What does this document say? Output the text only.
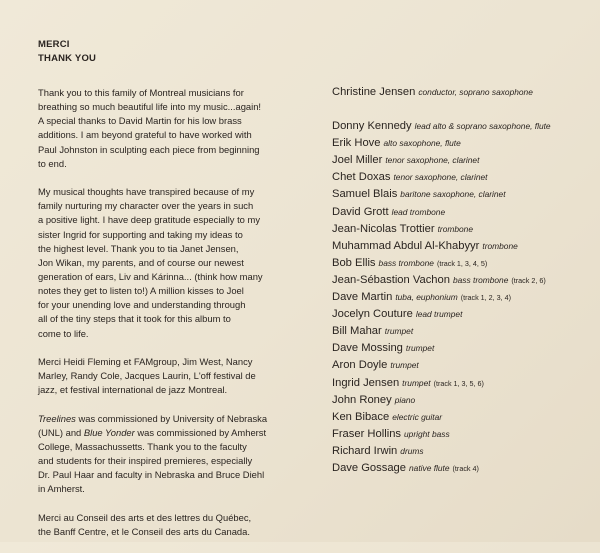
MERCI
THANK YOU

Thank you to this family of Montreal musicians for
breathing so much beautiful life into my music...again!
A special thanks to David Martin for his low brass
additions. I am beyond grateful to have worked with
Paul Johnston in sculpting each piece from beginning
to end.

My musical thoughts have transpired because of my
family nurturing my character over the years in such
a positive light. I have deep gratitude especially to my
sister Ingrid for supporting and taking my ideas to
the highest level. Thank you to tia Janet Jensen,
Jon Wikan, my parents, and of course our newest
generation of ears, Liv and Kárinna... (think how many
notes they get to listen to!) A million kisses to Joel
for your unending love and understanding through
all of the tiny steps that it took for this album to
come to life.

Merci Heidi Fleming et FAMgroup, Jim West, Nancy
Marley, Randy Cole, Jacques Laurin, L'off festival de
jazz, et festival international de jazz Montreal.

Treelines was commissioned by University of Nebraska
(UNL) and Blue Yonder was commissioned by Amherst
College, Massachussetts. Thank you to the faculty
and students for their inspired premieres, especially
Dr. Paul Haar and faculty in Nebraska and Bruce Diehl
in Amherst.

Merci au Conseil des arts et des lettres du Québec,
the Banff Centre, et le Conseil des arts du Canada.

Christine Jensen conductor, soprano saxophone
Donny Kennedy lead alto & soprano saxophone, flute
Erik Hove alto saxophone, flute
Joel Miller tenor saxophone, clarinet
Chet Doxas tenor saxophone, clarinet
Samuel Blais baritone saxophone, clarinet
David Grott lead trombone
Jean-Nicolas Trottier trombone
Muhammad Abdul Al-Khabyyr trombone
Bob Ellis bass trombone (track 1, 3, 4, 5)
Jean-Sébastion Vachon bass trombone (track 2, 6)
Dave Martin tuba, euphonium (track 1, 2, 3, 4)
Jocelyn Couture lead trumpet
Bill Mahar trumpet
Dave Mossing trumpet
Aron Doyle trumpet
Ingrid Jensen trumpet (track 1, 3, 5, 6)
John Roney piano
Ken Bibace electric guitar
Fraser Hollins upright bass
Richard Irwin drums
Dave Gossage native flute (track 4)
